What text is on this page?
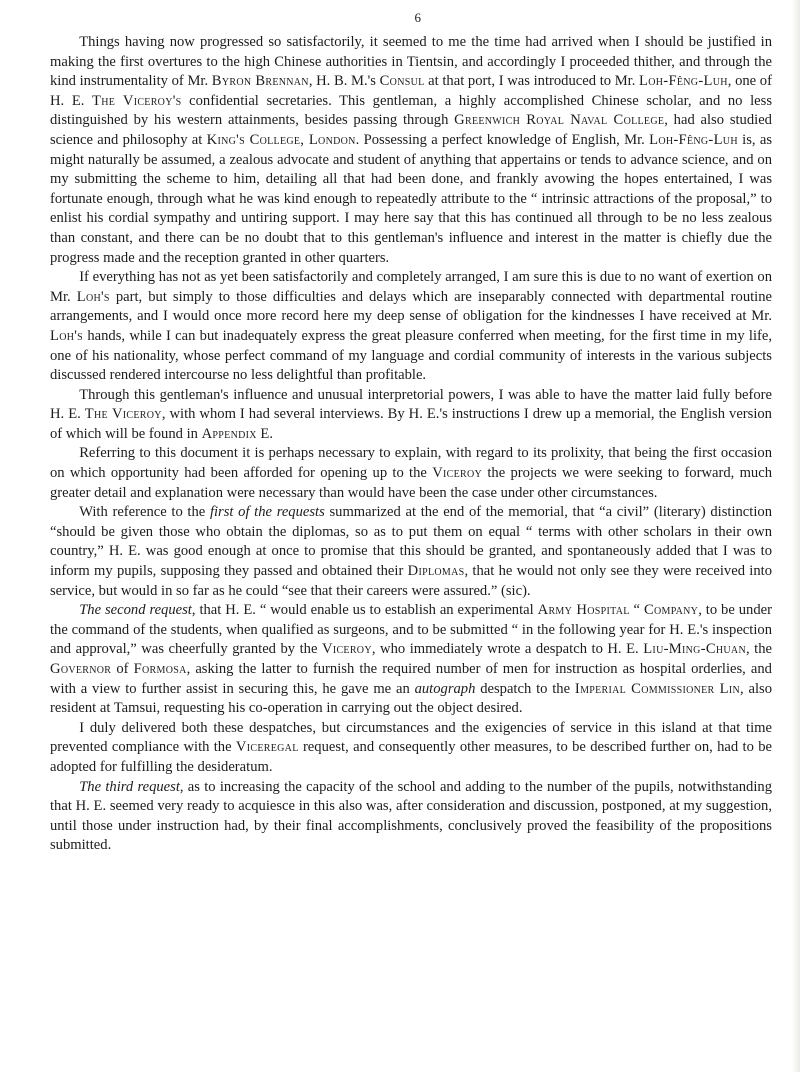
6

Things having now progressed so satisfactorily, it seemed to me the time had arrived when I should be justified in making the first overtures to the high Chinese authorities in Tientsin, and accordingly I proceeded thither, and through the kind instrumentality of Mr. Byron Brennan, H. B. M.'s Consul at that port, I was introduced to Mr. Loh-Fêng-Luh, one of H. E. The Viceroy's confidential secretaries. This gentleman, a highly accomplished Chinese scholar, and no less distinguished by his western attainments, besides passing through Greenwich Royal Naval College, had also studied science and philosophy at King's College, London. Possessing a perfect knowledge of English, Mr. Loh-Fêng-Luh is, as might naturally be assumed, a zealous advocate and student of anything that appertains or tends to advance science, and on my submitting the scheme to him, detailing all that had been done, and frankly avowing the hopes entertained, I was fortunate enough, through what he was kind enough to repeatedly attribute to the “ intrinsic attractions of the proposal,” to enlist his cordial sympathy and untiring support. I may here say that this has continued all through to be no less zealous than constant, and there can be no doubt that to this gentleman's influence and interest in the matter is chiefly due the progress made and the reception granted in other quarters.

If everything has not as yet been satisfactorily and completely arranged, I am sure this is due to no want of exertion on Mr. Loh's part, but simply to those difficulties and delays which are inseparably connected with departmental routine arrangements, and I would once more record here my deep sense of obligation for the kindnesses I have received at Mr. Loh's hands, while I can but inadequately express the great pleasure conferred when meeting, for the first time in my life, one of his nationality, whose perfect command of my language and cordial community of interests in the various subjects discussed rendered intercourse no less delightful than profitable.

Through this gentleman's influence and unusual interpretorial powers, I was able to have the matter laid fully before H. E. The Viceroy, with whom I had several interviews. By H. E.'s instructions I drew up a memorial, the English version of which will be found in Appendix E.

Referring to this document it is perhaps necessary to explain, with regard to its prolixity, that being the first occasion on which opportunity had been afforded for opening up to the Viceroy the projects we were seeking to forward, much greater detail and explanation were necessary than would have been the case under other circumstances.

With reference to the first of the requests summarized at the end of the memorial, that “a civil” (literary) distinction “should be given those who obtain the diplomas, so as to put them on equal “ terms with other scholars in their own country,” H. E. was good enough at once to promise that this should be granted, and spontaneously added that I was to inform my pupils, supposing they passed and obtained their Diplomas, that he would not only see they were received into service, but would in so far as he could “see that their careers were assured.” (sic).

The second request, that H. E. “ would enable us to establish an experimental Army Hospital “ Company, to be under the command of the students, when qualified as surgeons, and to be submitted “ in the following year for H. E.'s inspection and approval,” was cheerfully granted by the Viceroy, who immediately wrote a despatch to H. E. Liu-Ming-Chuan, the Governor of Formosa, asking the latter to furnish the required number of men for instruction as hospital orderlies, and with a view to further assist in securing this, he gave me an autograph despatch to the Imperial Commissioner Lin, also resident at Tamsui, requesting his co-operation in carrying out the object desired.

I duly delivered both these despatches, but circumstances and the exigencies of service in this island at that time prevented compliance with the Viceregal request, and consequently other measures, to be described further on, had to be adopted for fulfilling the desideratum.

The third request, as to increasing the capacity of the school and adding to the number of the pupils, notwithstanding that H. E. seemed very ready to acquiesce in this also was, after consideration and discussion, postponed, at my suggestion, until those under instruction had, by their final accomplishments, conclusively proved the feasibility of the propositions submitted.
